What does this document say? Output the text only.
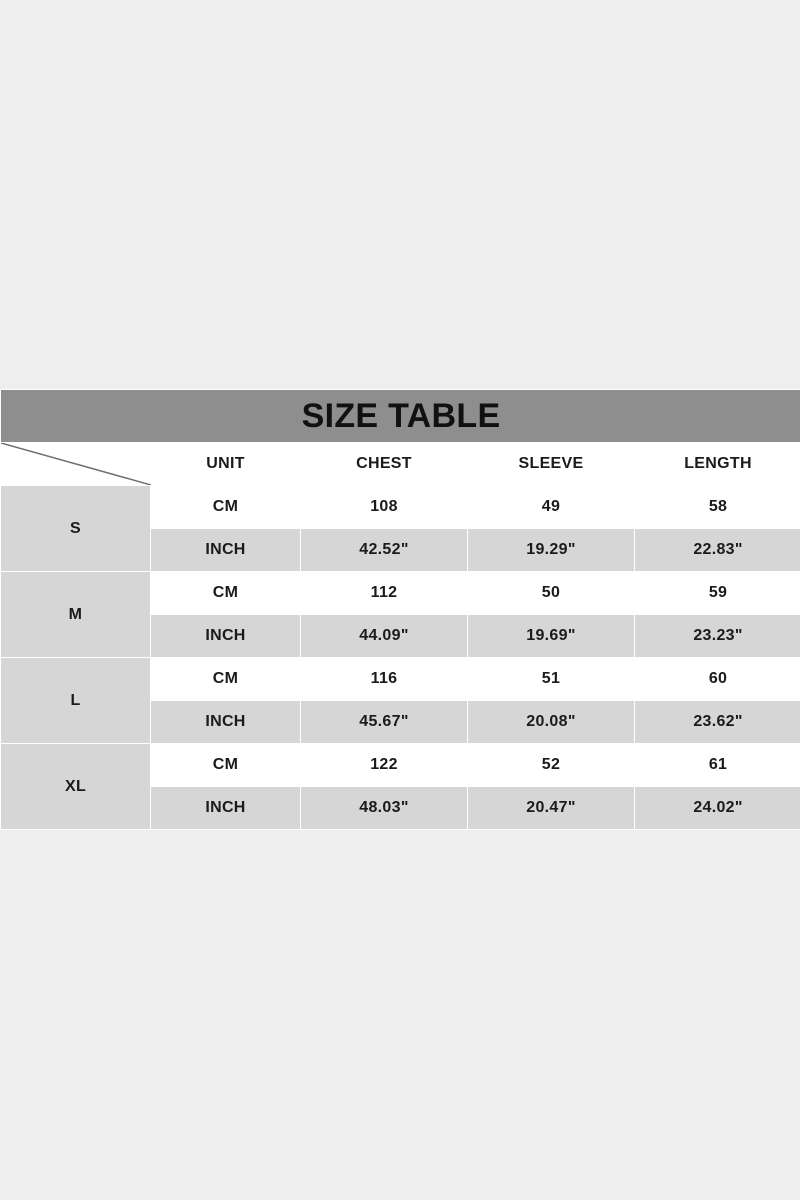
SIZE TABLE				

	UNIT	CHEST	SLEEVE	LENGTH
S	CM	108	49	58
	INCH	42.52"	19.29"	22.83"
M	CM	112	50	59
	INCH	44.09"	19.69"	23.23"
L	CM	116	51	60
	INCH	45.67"	20.08"	23.62"
XL	CM	122	52	61
	INCH	48.03"	20.47"	24.02"
